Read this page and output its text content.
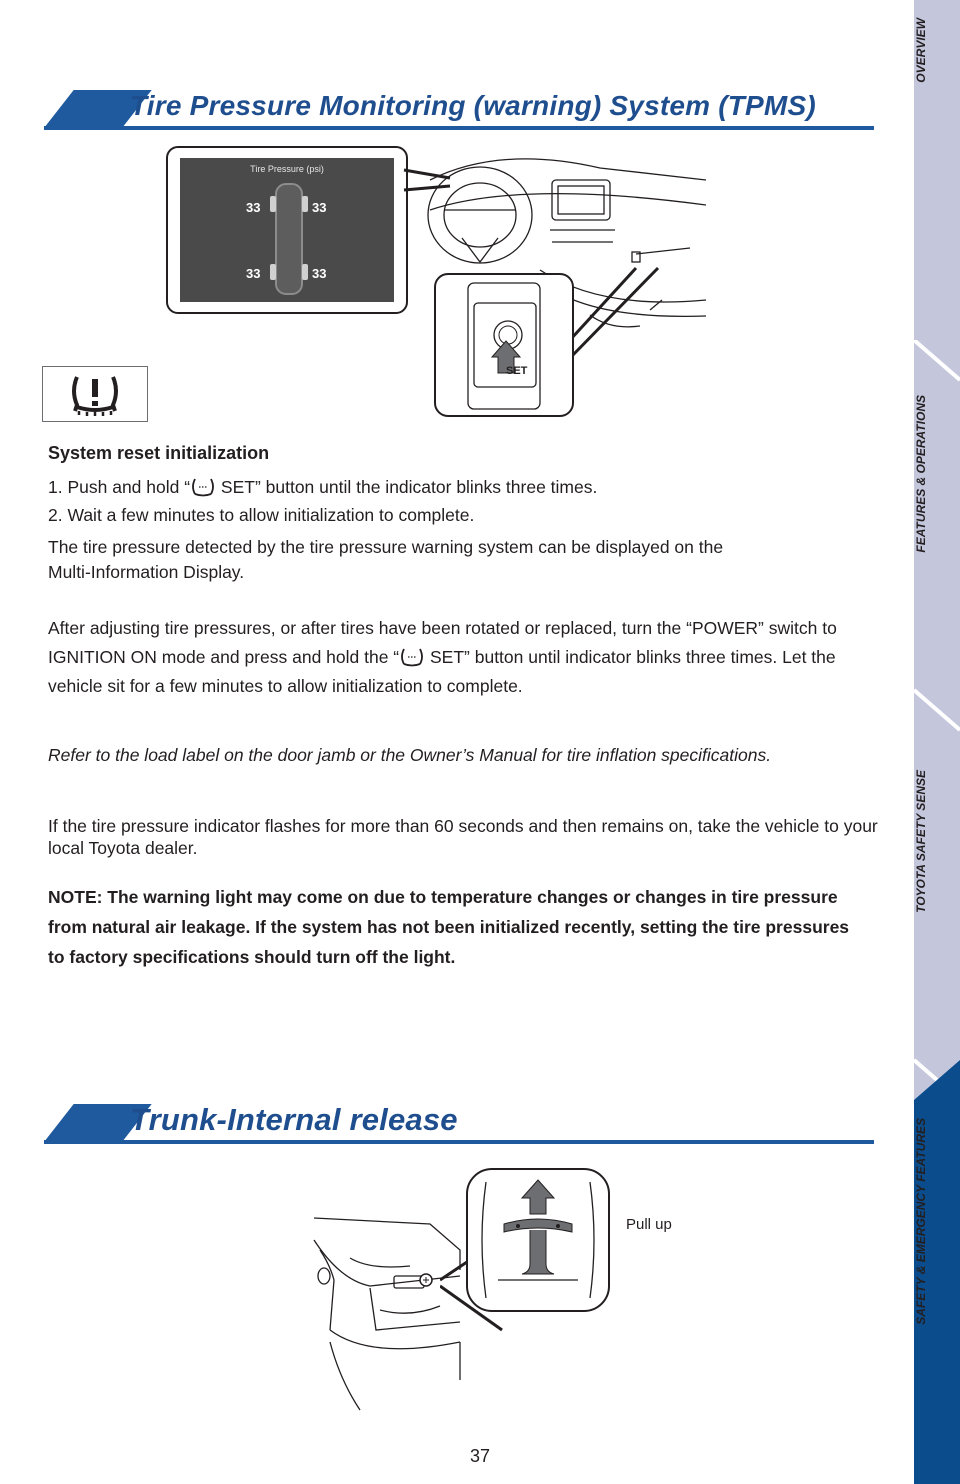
OVERVIEW
FEATURES & OPERATIONS
TOYOTA SAFETY SENSE
SAFETY & EMERGENCY FEATURES
Tire Pressure Monitoring (warning) System (TPMS)
Tire Pressure (psi)
33	33
33	33
SET
System reset initialization
1. Push and hold “ SET” button until the indicator blinks three times.
2. Wait a few minutes to allow initialization to complete.
The tire pressure detected by the tire pressure warning system can be displayed on the Multi-Information Display.
After adjusting tire pressures, or after tires have been rotated or replaced, turn the “POWER” switch to IGNITION ON mode and press and hold the “ SET” button until indicator blinks three times. Let the vehicle sit for a few minutes to allow initialization to complete.
Refer to the load label on the door jamb or the Owner’s Manual for tire inflation specifications.
If the tire pressure indicator flashes for more than 60 seconds and then remains on, take the vehicle to your local Toyota dealer.
NOTE: The warning light may come on due to temperature changes or changes in tire pressure from natural air leakage. If the system has not been initialized recently, setting the tire pressures to factory specifications should turn off the light.
Trunk-Internal release
Pull up
37
